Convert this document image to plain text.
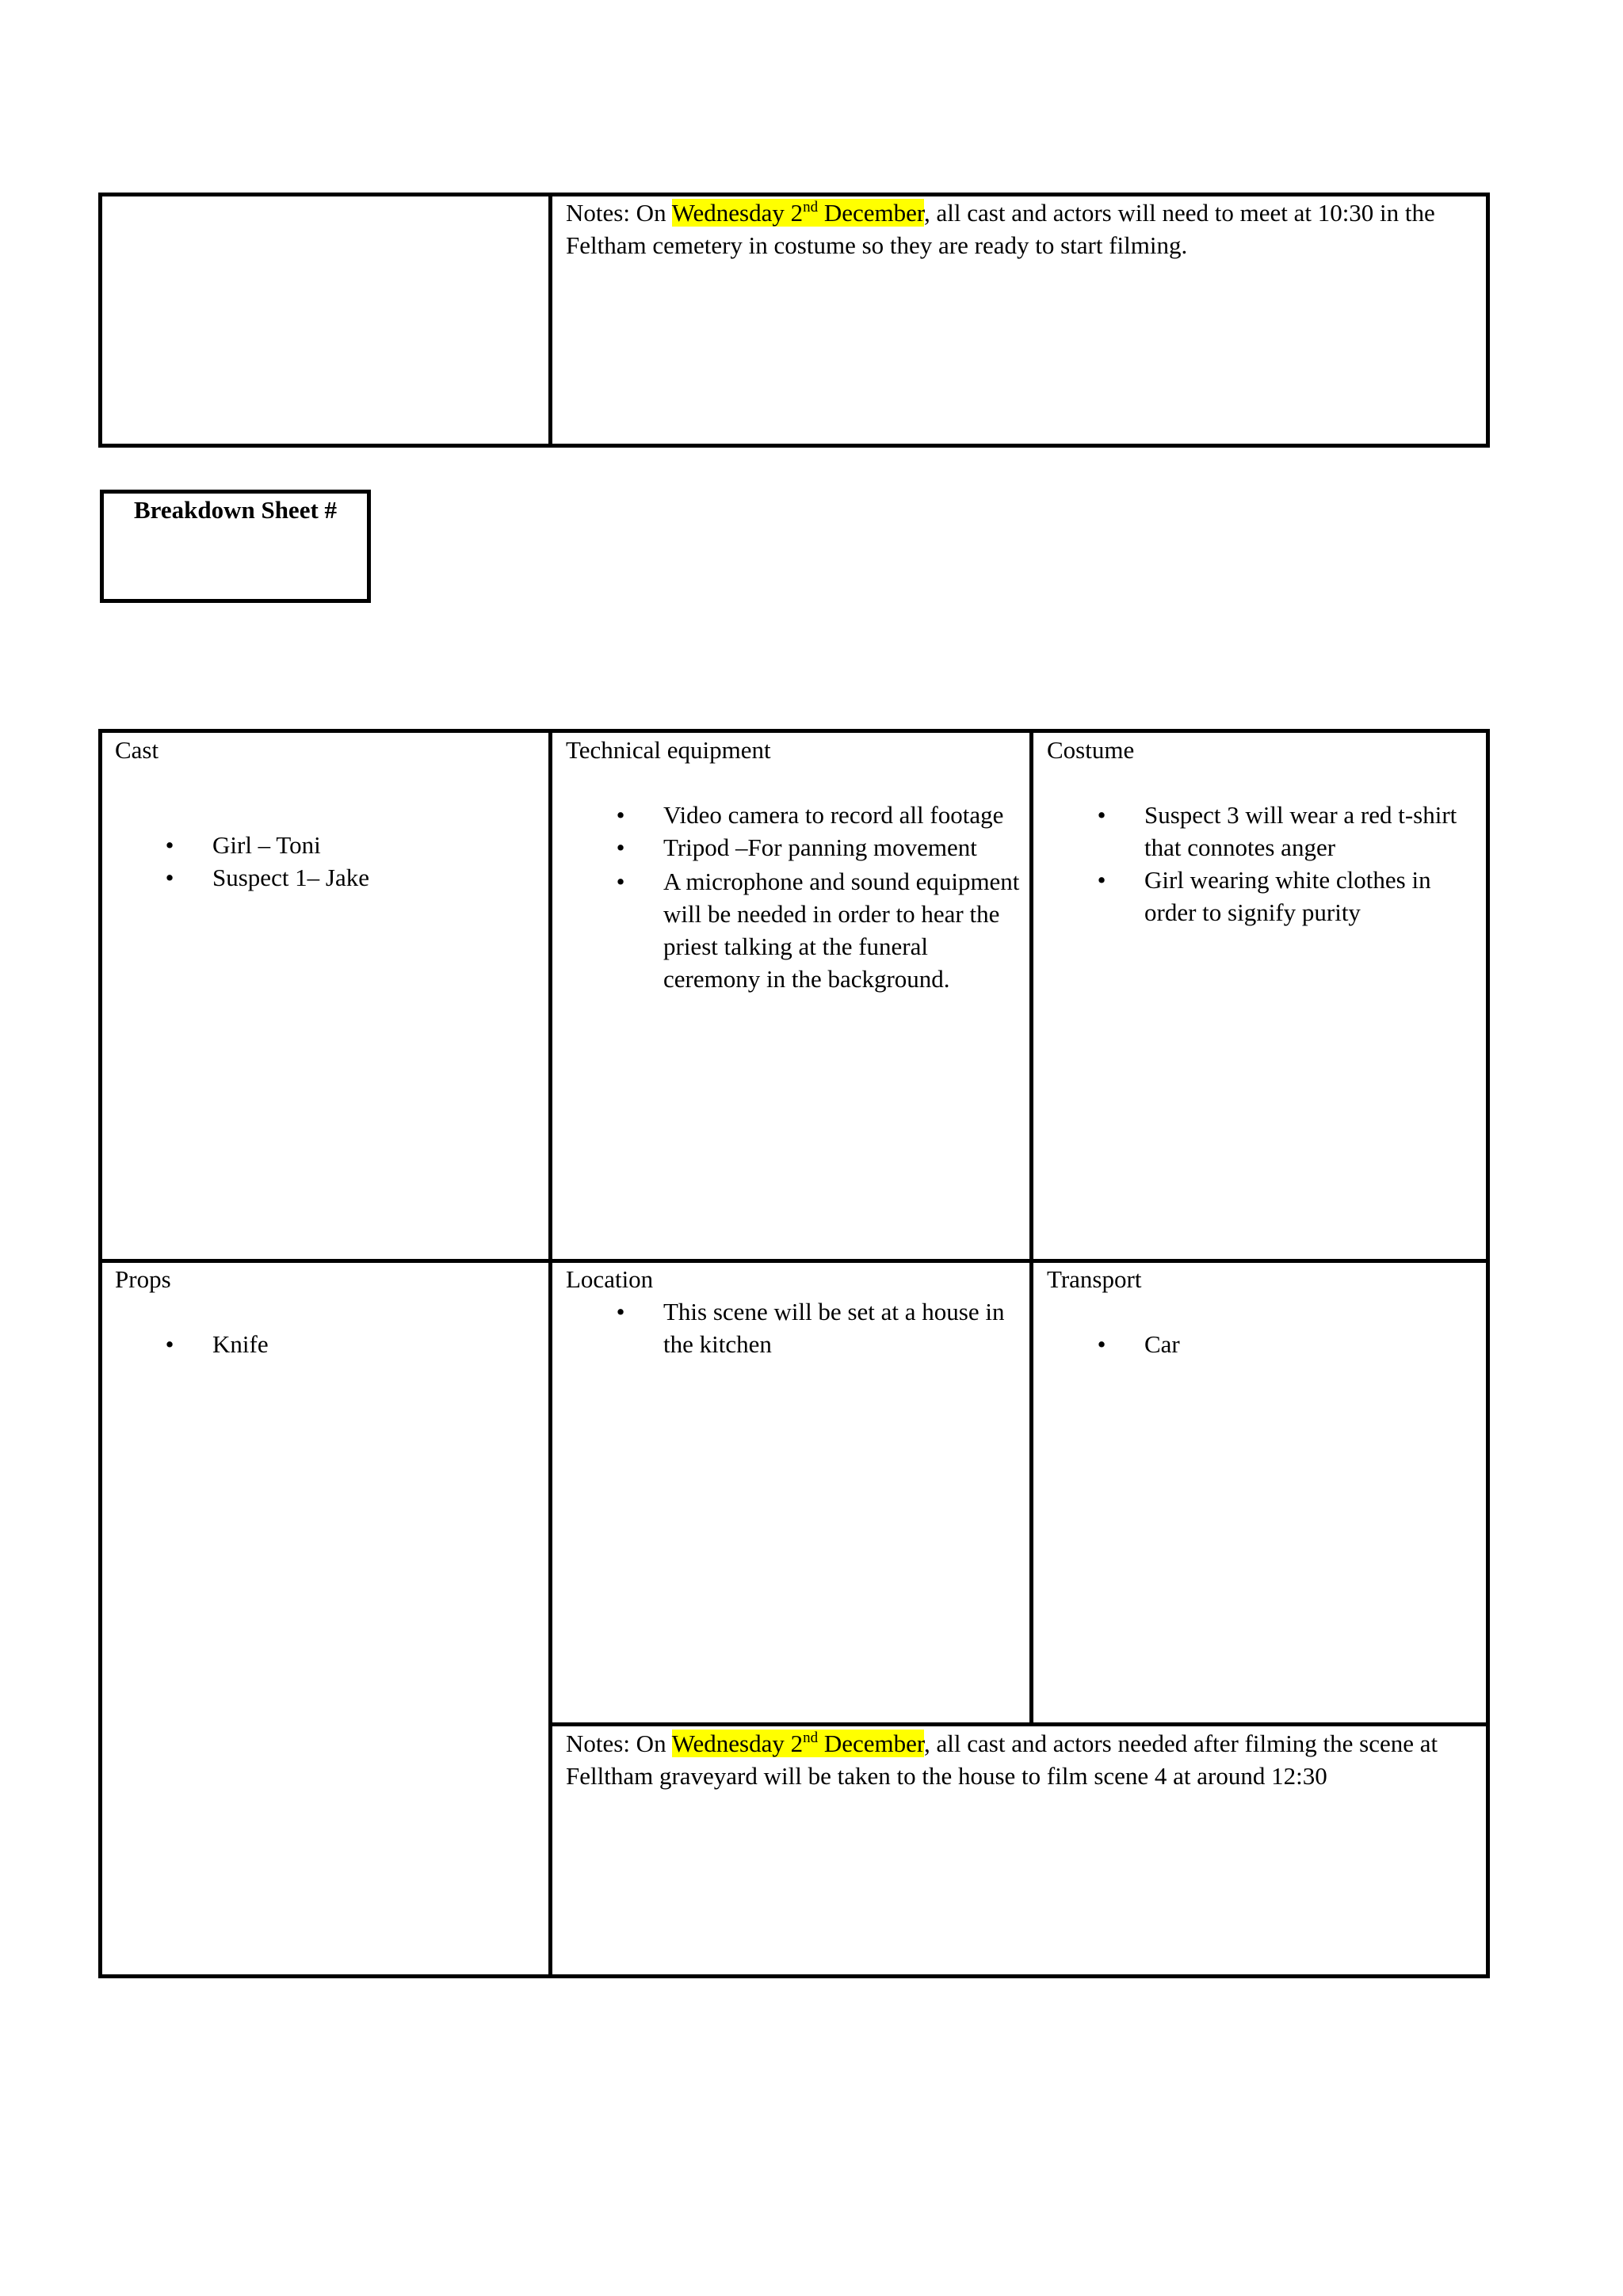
Notes: On Wednesday 2nd December, all cast and actors will need to meet at 10:30 in the Feltham cemetery in costume so they are ready to start filming.
Breakdown Sheet #
Cast
• Girl – Toni
• Suspect 1– Jake
Technical equipment
• Video camera to record all footage
• Tripod –For panning movement
• A microphone and sound equipment will be needed in order to hear the priest talking at the funeral ceremony in the background.
Costume
• Suspect 3 will wear a red t-shirt that connotes anger
• Girl wearing white clothes in order to signify purity
Props
• Knife
Location
• This scene will be set at a house in the kitchen
Transport
• Car
Notes: On Wednesday 2nd December, all cast and actors needed after filming the scene at Felltham graveyard will be taken to the house to film scene 4 at around 12:30
